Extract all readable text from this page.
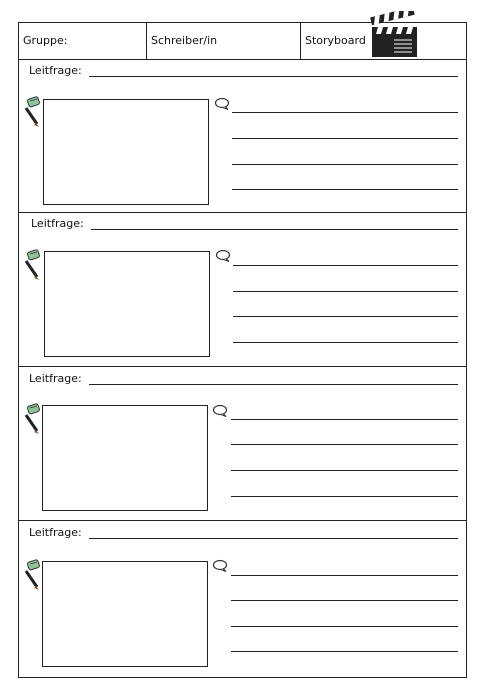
Gruppe:	Schreiber/in	Storyboard
Leitfrage:
Leitfrage:
Leitfrage:
Leitfrage:
